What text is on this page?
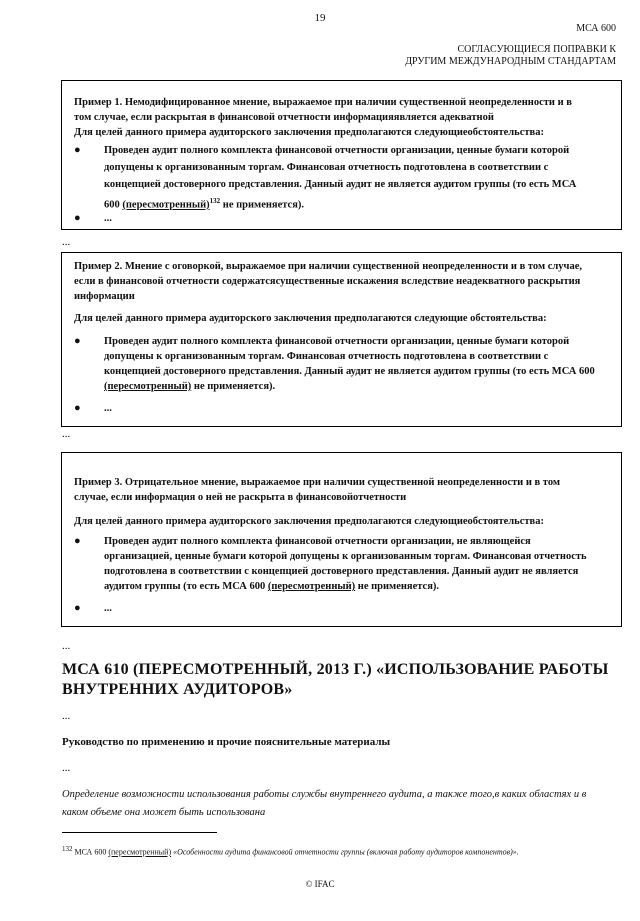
19
МСА 600
СОГЛАСУЮЩИЕСЯ ПОПРАВКИ К
ДРУГИМ МЕЖДУНАРОДНЫМ СТАНДАРТАМ
Пример 1. Немодифицированное мнение, выражаемое при наличии существенной неопределенности и в
том случае, если раскрытая в финансовой отчетности информацияявляется адекватной
Для целей данного примера аудиторского заключения предполагаются следующиеобстоятельства:
●	Проведен аудит полного комплекта финансовой отчетности организации, ценные бумаги которой
допущены к организованным торгам. Финансовая отчетность подготовлена в соответствии с
концепцией достоверного представления. Данный аудит не является аудитом группы (то есть МСА
600 (пересмотренный)$^{132}$ не применяется).
●	...
...
Пример 2. Мнение с оговоркой, выражаемое при наличии существенной неопределенности и в том случае,
если в финансовой отчетности содержатсясущественные искажения вследствие неадекватного раскрытия
информации
Для целей данного примера аудиторского заключения предполагаются следующие обстоятельства:
●	Проведен аудит полного комплекта финансовой отчетности организации, ценные бумаги которой
допущены к организованным торгам. Финансовая отчетность подготовлена в соответствии с
концепцией достоверного представления. Данный аудит не является аудитом группы (то есть МСА 600
(пересмотренный) не применяется).
●	...
...
Пример 3. Отрицательное мнение, выражаемое при наличии существенной неопределенности и в том
случае, если информация о ней не раскрыта в финансовойотчетности
Для целей данного примера аудиторского заключения предполагаются следующиеобстоятельства:
●	Проведен аудит полного комплекта финансовой отчетности организации, не являющейся
организацией, ценные бумаги которой допущены к организованным торгам. Финансовая отчетность
подготовлена в соответствии с концепцией достоверного представления. Данный аудит не является
аудитом группы (то есть МСА 600 (пересмотренный) не применяется).
●	...
...
МСА 610 (ПЕРЕСМОТРЕННЫЙ, 2013 Г.) «ИСПОЛЬЗОВАНИЕ РАБОТЫ
ВНУТРЕННИХ АУДИТОРОВ»
...
Руководство по применению и прочие пояснительные материалы
...
Определение возможности использования работы службы внутреннего аудита, а также того,в каких областях и в
каком объеме она может быть использована
$^{132}$ МСА 600 (пересмотренный) «Особенности аудита финансовой отчетности группы (включая работу аудиторов компонентов)».
© IFAC
